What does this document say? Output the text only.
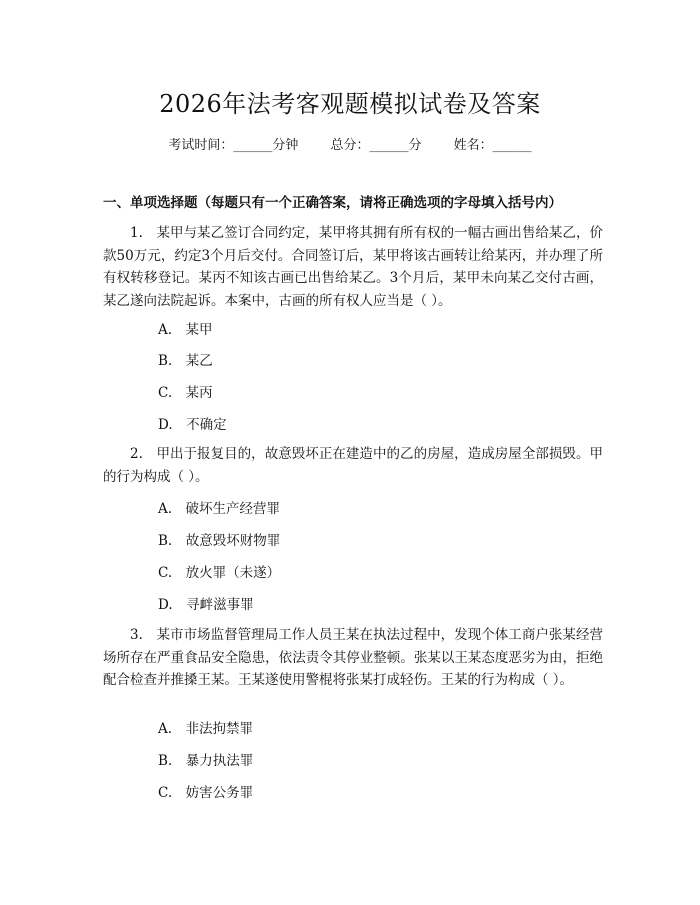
2026年法考客观题模拟试卷及答案
考试时间：______分钟 总分：______分 姓名：______
一、单项选择题（每题只有一个正确答案，请将正确选项的字母填入括号内）
1.　某甲与某乙签订合同约定，某甲将其拥有所有权的一幅古画出售给某乙，价款50万元，约定3个月后交付。合同签订后，某甲将该古画转让给某丙，并办理了所有权转移登记。某丙不知该古画已出售给某乙。3个月后，某甲未向某乙交付古画，某乙遂向法院起诉。本案中，古画的所有权人应当是（ ）。
A.　某甲
B.　某乙
C.　某丙
D.　不确定
2.　甲出于报复目的，故意毁坏正在建造中的乙的房屋，造成房屋全部损毁。甲的行为构成（ ）。
A.　破坏生产经营罪
B.　故意毁坏财物罪
C.　放火罪（未遂）
D.　寻衅滋事罪
3.　某市市场监督管理局工作人员王某在执法过程中，发现个体工商户张某经营场所存在严重食品安全隐患，依法责令其停业整顿。张某以王某态度恶劣为由，拒绝配合检查并推搡王某。王某遂使用警棍将张某打成轻伤。王某的行为构成（ ）。
A.　非法拘禁罪
B.　暴力执法罪
C.　妨害公务罪
